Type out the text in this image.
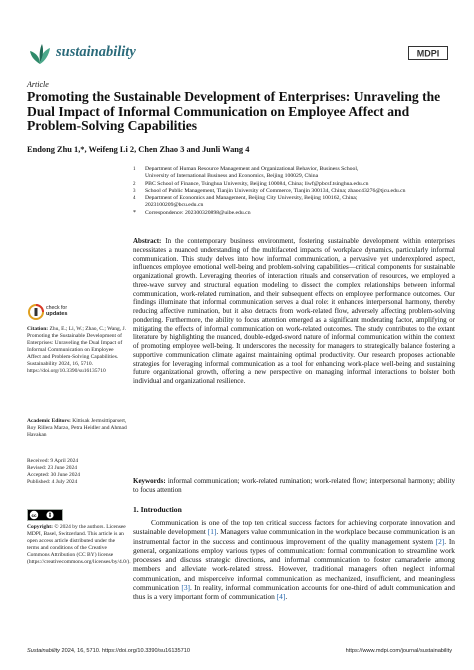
sustainability	MDPI
Article
Promoting the Sustainable Development of Enterprises: Unraveling the Dual Impact of Informal Communication on Employee Affect and Problem-Solving Capabilities
Endong Zhu 1,*, Weifeng Li 2, Chen Zhao 3 and Junli Wang 4
1 Department of Human Resource Management and Organizational Behavior, Business School,
University of International Business and Economics, Beijing 100029, China
2 PBC School of Finance, Tsinghua University, Beijing 100084, China; liwf@pbcsf.tsinghua.edu.cn
3 School of Public Management, Tianjin University of Commerce, Tianjin 300134, China; zhaoc43276@tjcu.edu.cn
4 Department of Economics and Management, Beijing City University, Beijing 100162, China;
2023100209@bcu.edu.cn
* Correspondence: 202300320898@uibe.edu.cn
Abstract: In the contemporary business environment, fostering sustainable development within enterprises necessitates a nuanced understanding of the multifaceted impacts of workplace dynamics, particularly informal communication. This study delves into how informal communication, a pervasive yet underexplored aspect, influences employee emotional well-being and problem-solving capabilities—critical components for sustainable organizational growth. Leveraging theories of interaction rituals and conservation of resources, we employed a three-wave survey and structural equation modeling to dissect the complex relationships between informal communication, work-related rumination, and their subsequent effects on employee performance outcomes. Our findings illuminate that informal communication serves a dual role: it enhances interpersonal harmony, thereby reducing affective rumination, but it also detracts from work-related flow, adversely affecting problem-solving pondering. Furthermore, the ability to focus attention emerged as a significant moderating factor, amplifying or mitigating the effects of informal communication on work-related outcomes. The study contributes to the extant literature by highlighting the nuanced, double-edged-sword nature of informal communication within the context of promoting employee well-being. It underscores the necessity for managers to strategically balance fostering a supportive communication climate against maintaining optimal productivity. Our research proposes actionable strategies for leveraging informal communication as a tool for enhancing work-place well-being and sustaining future organizational growth, offering a new perspective on managing informal interactions to bolster both individual and organizational resilience.
Keywords: informal communication; work-related rumination; work-related flow; interpersonal harmony; ability to focus attention
1. Introduction
Communication is one of the top ten critical success factors for achieving corporate innovation and sustainable development [1]. Managers value communication in the workplace because communication is an instrumental factor in the success and continuous improvement of the quality management system [2]. In general, organizations employ various types of communication: formal communication to streamline work processes and discuss strategic directions, and informal communication to foster camaraderie among members and alleviate work-related stress. However, traditional managers often neglect informal communication, and misperceive informal communication as mechanized, insufficient, and meaningless communication [3]. In reality, informal communication accounts for one-third of adult communication and thus is a very important form of communication [4].
check for
updates
Citation: Zhu, E.; Li, W.; Zhao, C.; Wang, J. Promoting the Sustainable Development of Enterprises: Unraveling the Dual Impact of Informal Communication on Employee Affect and Problem-Solving Capabilities. Sustainability 2024, 16, 5710. https://doi.org/10.3390/su16135710
Academic Editors: Kittisak Jermsittiparsert, Roy Rillera Marzo, Petra Heidler and Ahmad Havakan
Received: 9 April 2024
Revised: 23 June 2024
Accepted: 30 June 2024
Published: 4 July 2024
cc
Copyright: © 2024 by the authors. Licensee MDPI, Basel, Switzerland. This article is an open access article distributed under the terms and conditions of the Creative Commons Attribution (CC BY) license (https://creativecommons.org/licenses/by/4.0/).
Sustainability 2024, 16, 5710. https://doi.org/10.3390/su16135710	https://www.mdpi.com/journal/sustainability
